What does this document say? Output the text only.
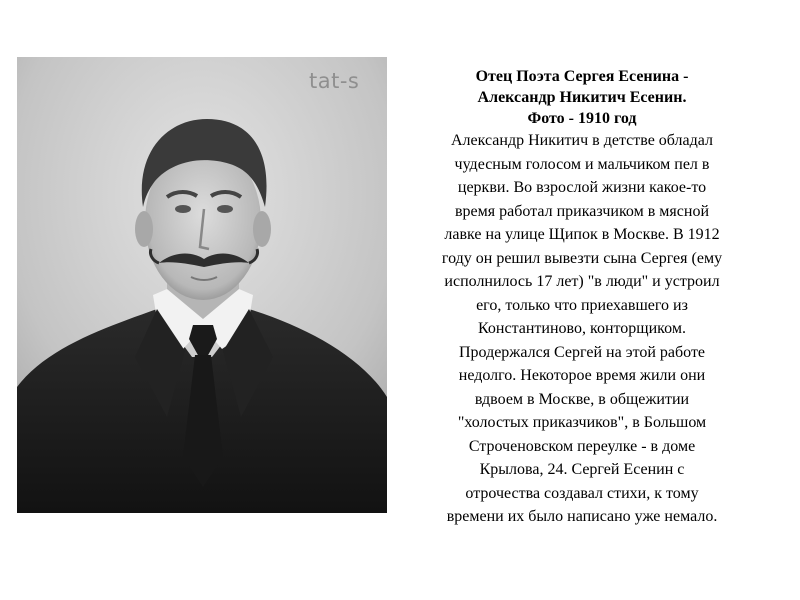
tat-s	Отец Поэта Сергея Есенина -
Александр Никитич Есенин.
Фото - 1910 год
Александр Никитич в детстве обладал
чудесным голосом и мальчиком пел в
церкви. Во взрослой жизни какое-то
время работал приказчиком в мясной
лавке на улице Щипок в Москве. В 1912
году он решил вывезти сына Сергея (ему
исполнилось 17 лет) "в люди" и устроил
его, только что приехавшего из
Константиново, конторщиком.
Продержался Сергей на этой работе
недолго. Некоторое время жили они
вдвоем в Москве, в общежитии
"холостых приказчиков", в Большом
Строченовском переулке - в доме
Крылова, 24. Сергей Есенин с
отрочества создавал стихи, к тому
времени их было написано уже немало.
